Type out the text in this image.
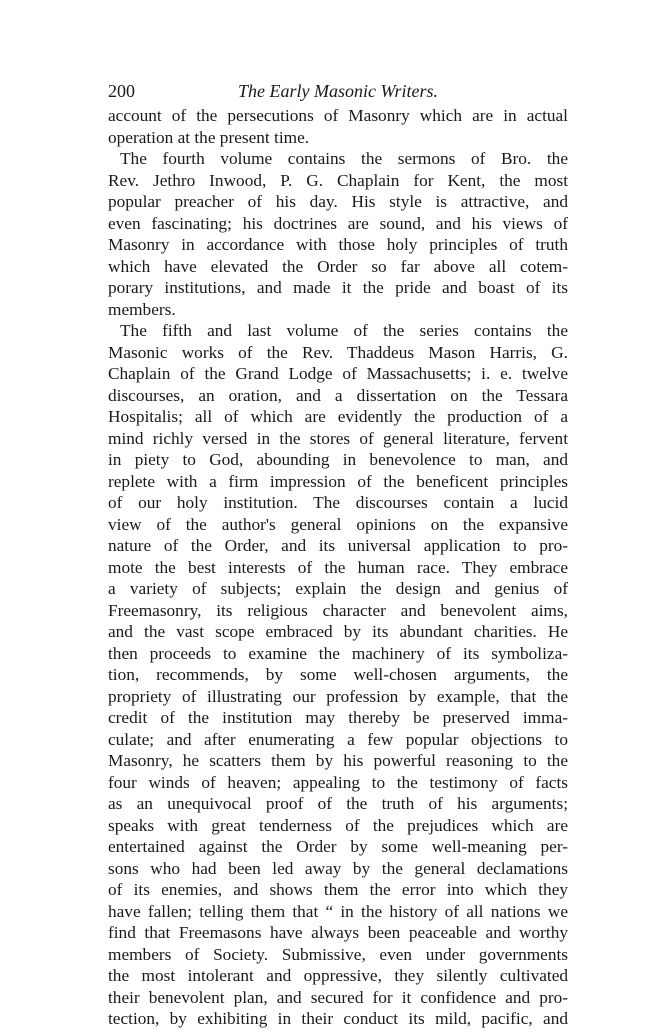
200	The Early Masonic Writers.
account of the persecutions of Masonry which are in actual
operation at the present time.
The fourth volume contains the sermons of Bro. the
Rev. Jethro Inwood, P. G. Chaplain for Kent, the most
popular preacher of his day. His style is attractive, and
even fascinating; his doctrines are sound, and his views of
Masonry in accordance with those holy principles of truth
which have elevated the Order so far above all cotem-
porary institutions, and made it the pride and boast of its
members.
The fifth and last volume of the series contains the
Masonic works of the Rev. Thaddeus Mason Harris, G.
Chaplain of the Grand Lodge of Massachusetts; i. e. twelve
discourses, an oration, and a dissertation on the Tessara
Hospitalis; all of which are evidently the production of a
mind richly versed in the stores of general literature, fervent
in piety to God, abounding in benevolence to man, and
replete with a firm impression of the beneficent principles
of our holy institution. The discourses contain a lucid
view of the author's general opinions on the expansive
nature of the Order, and its universal application to pro-
mote the best interests of the human race. They embrace
a variety of subjects; explain the design and genius of
Freemasonry, its religious character and benevolent aims,
and the vast scope embraced by its abundant charities. He
then proceeds to examine the machinery of its symboliza-
tion, recommends, by some well-chosen arguments, the
propriety of illustrating our profession by example, that the
credit of the institution may thereby be preserved imma-
culate; and after enumerating a few popular objections to
Masonry, he scatters them by his powerful reasoning to the
four winds of heaven; appealing to the testimony of facts
as an unequivocal proof of the truth of his arguments;
speaks with great tenderness of the prejudices which are
entertained against the Order by some well-meaning per-
sons who had been led away by the general declamations
of its enemies, and shows them the error into which they
have fallen; telling them that “ in the history of all nations we
find that Freemasons have always been peaceable and worthy
members of Society. Submissive, even under governments
the most intolerant and oppressive, they silently cultivated
their benevolent plan, and secured for it confidence and pro-
tection, by exhibiting in their conduct its mild, pacific, and
